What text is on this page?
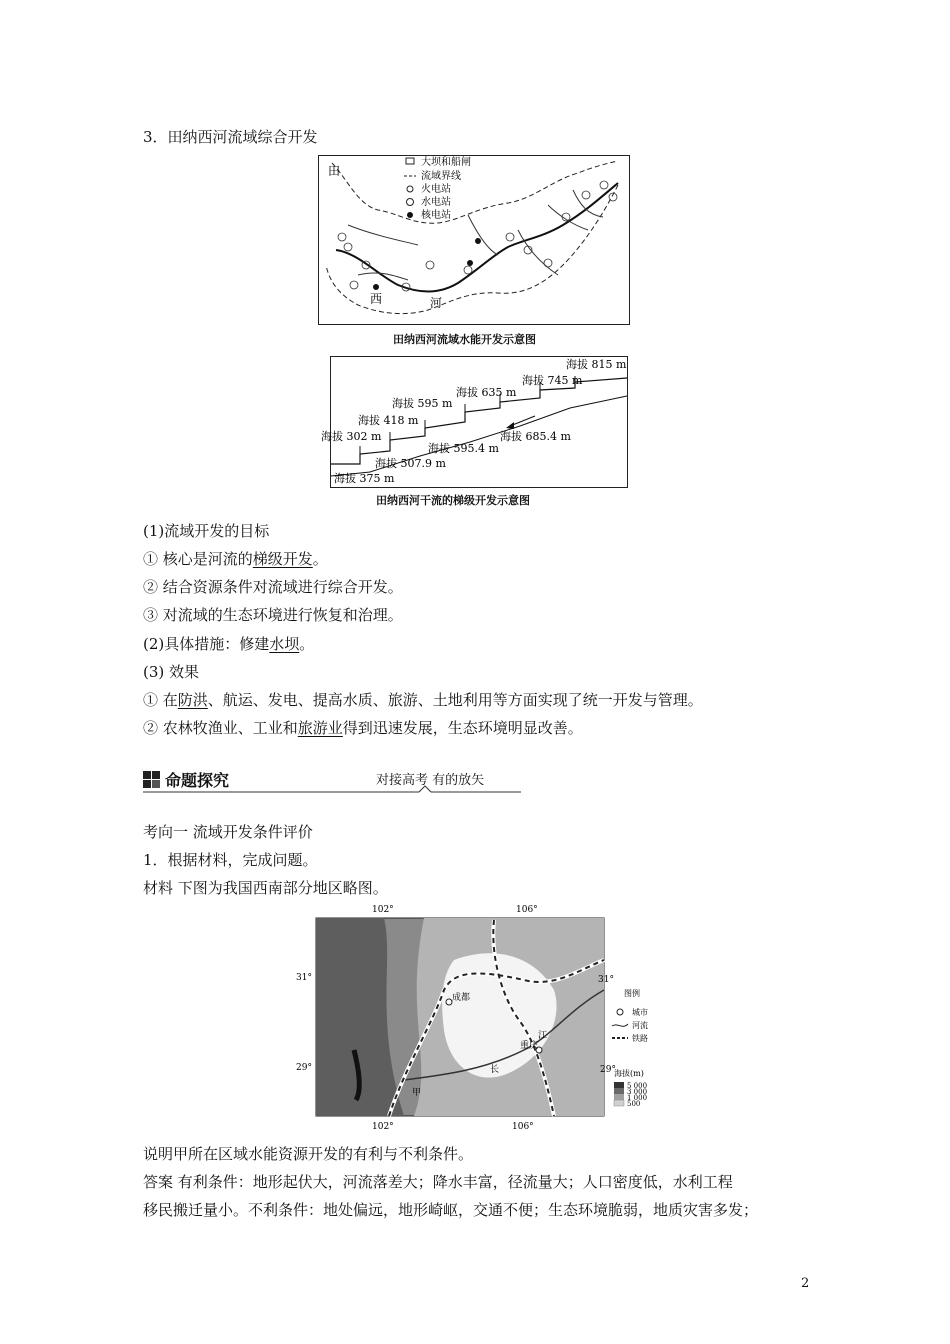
3．田纳西河流域综合开发
大坝和船闸
流域界线
火电站
水电站
核电站
田
西	河
田纳西河流域水能开发示意图
海拔 815 m
海拔 745 m
海拔 635 m
海拔 595 m
海拔 418 m
海拔 302 m	海拔 685.4 m
海拔 595.4 m
海拔 507.9 m
海拔 375 m
田纳西河干流的梯级开发示意图
(1)流域开发的目标
① 核心是河流的梯级开发。
② 结合资源条件对流域进行综合开发。
③ 对流域的生态环境进行恢复和治理。
(2)具体措施：修建水坝。
(3) 效果
① 在防洪、航运、发电、提高水质、旅游、土地利用等方面实现了统一开发与管理。
② 农林牧渔业、工业和旅游业得到迅速发展，生态环境明显改善。
命题探究	对接高考 有的放矢
考向一 流域开发条件评价
1．根据材料，完成问题。
材料 下图为我国西南部分地区略图。
102°	106°
102°	106°
31°	31°
29°	29°
成都
重庆
甲
长
江
图例
城市
河流
铁路
海拔(m)
5 000
3 000
1 000
500
说明甲所在区域水能资源开发的有利与不利条件。
答案 有利条件：地形起伏大，河流落差大；降水丰富，径流量大；人口密度低，水利工程
移民搬迁量小。不利条件：地处偏远，地形崎岖，交通不便；生态环境脆弱，地质灾害多发；
2
